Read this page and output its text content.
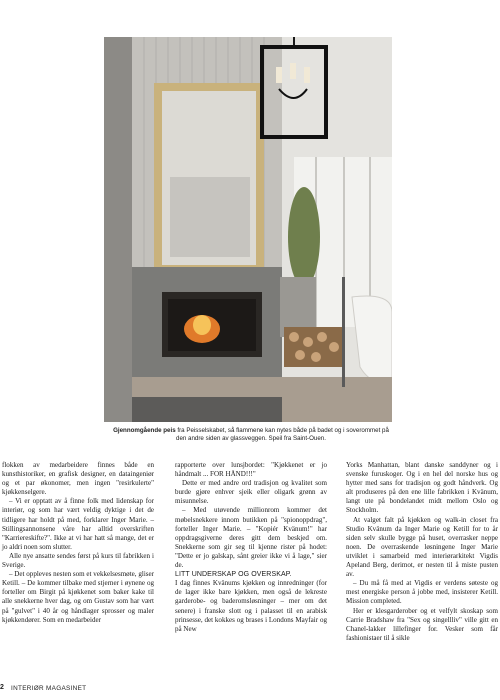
Gjennomgående peis fra Peisselskabet, så flammene kan nytes både på badet og i soverommet på den andre siden av glassveggen. Speil fra Saint-Ouen.

flokken av medarbeidere finnes både en kunsthistoriker, en grafisk designer, en dataingeniør og et par økonomer, men ingen "resirkulerte" kjøkkenselgere.

– Vi er opptatt av å finne folk med lidenskap for interiør, og som har vært veldig dyktige i det de tidligere har holdt på med, forklarer Inger Marie. – Stillingsannonsene våre har alltid overskriften "Karriereskifte?". Ikke at vi har hatt så mange, det er jo aldri noen som slutter.

Alle nye ansatte sendes først på kurs til fabrikken i Sverige.

– Det oppleves nesten som et vekkelsesmøte, gliser Ketill. – De kommer tilbake med stjerner i øynene og forteller om Birgit på kjøkkenet som baker kake til alle snekkerne hver dag, og om Gustav som har vært på "gulvet" i 40 år og håndlager sprosser og maler kjøkkendører. Som en medarbeider

rapporterte over lunsjbordet: "Kjøkkenet er jo håndmalt ... FOR HÅND!!!"

Dette er med andre ord tradisjon og kvalitet som burde gjøre enhver sjeik eller oligark grønn av misunnelse.

– Med utøvende millionrom kommer det møbelsnekkere innom butikken på "spionoppdrag", forteller Inger Marie. – "Kopiér Kvänum!" har oppdragsgiverne deres gitt dem beskjed om. Snekkerne som gir seg til kjenne rister på hodet: "Dette er jo galskap, sånt greier ikke vi å lage," sier de.

LITT UNDERSKAP OG OVERSKAP.

I dag finnes Kvänums kjøkken og innredninger (for de lager ikke bare kjøkken, men også de lekreste garderobe- og baderomsløsninger – mer om det senere) i franske slott og i palasset til en arabisk prinsesse, det kokkes og brases i Londons Mayfair og på New

Yorks Manhattan, blant danske sanddyner og i svenske furuskoger. Og i en hel del norske hus og hytter med sans for tradisjon og godt håndverk. Og alt produseres på den ene lille fabrikken i Kvänum, langt ute på bondelandet midt mellom Oslo og Stockholm.

At valget falt på kjøkken og walk-in closet fra Studio Kvänum da Inger Marie og Ketill for to år siden selv skulle bygge på huset, overrasker neppe noen. De overraskende løsningene Inger Marie utviklet i samarbeid med interiørarkitekt Vigdis Apeland Berg, derimot, er nesten til å miste pusten av.

– Du må få med at Vigdis er verdens søteste og mest energiske person å jobbe med, insisterer Ketill. Mission completed.

Her er klesgarderober og et velfylt skoskap som Carrie Bradshaw fra "Sex og singellliv" ville gitt en Chanel-lakker lillefinger for. Vesker som får fashionistaer til å sikle

2 INTERIØR MAGASINET
